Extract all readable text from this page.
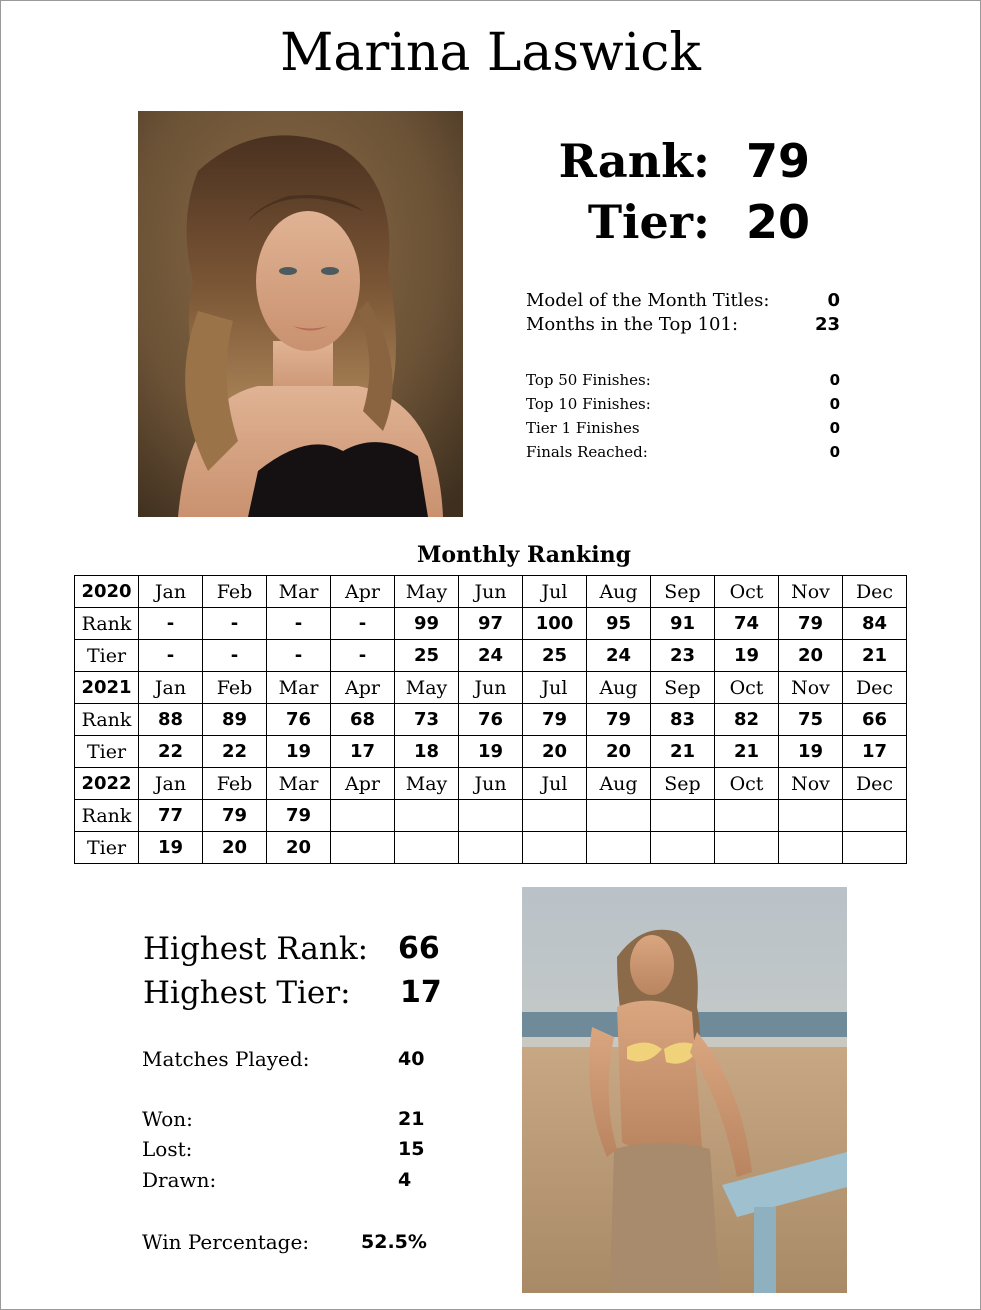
Marina Laswick
Rank: 79
Tier: 20
Model of the Month Titles:	0
Months in the Top 101:	23
Top 50 Finishes:	0
Top 10 Finishes:	0
Tier 1 Finishes	0
Finals Reached:	0
Monthly Ranking
2020	Jan	Feb	Mar	Apr	May	Jun	Jul	Aug	Sep	Oct	Nov	Dec
Rank	-	-	-	-	99	97	100	95	91	74	79	84
Tier	-	-	-	-	25	24	25	24	23	19	20	21
2021	Jan	Feb	Mar	Apr	May	Jun	Jul	Aug	Sep	Oct	Nov	Dec
Rank	88	89	76	68	73	76	79	79	83	82	75	66
Tier	22	22	19	17	18	19	20	20	21	21	19	17
2022	Jan	Feb	Mar	Apr	May	Jun	Jul	Aug	Sep	Oct	Nov	Dec
Rank	77	79	79									
Tier	19	20	20									
Highest Rank: 66
Highest Tier: 17
Matches Played:	40
Won:	21
Lost:	15
Drawn:	4
Win Percentage:	52.5%
